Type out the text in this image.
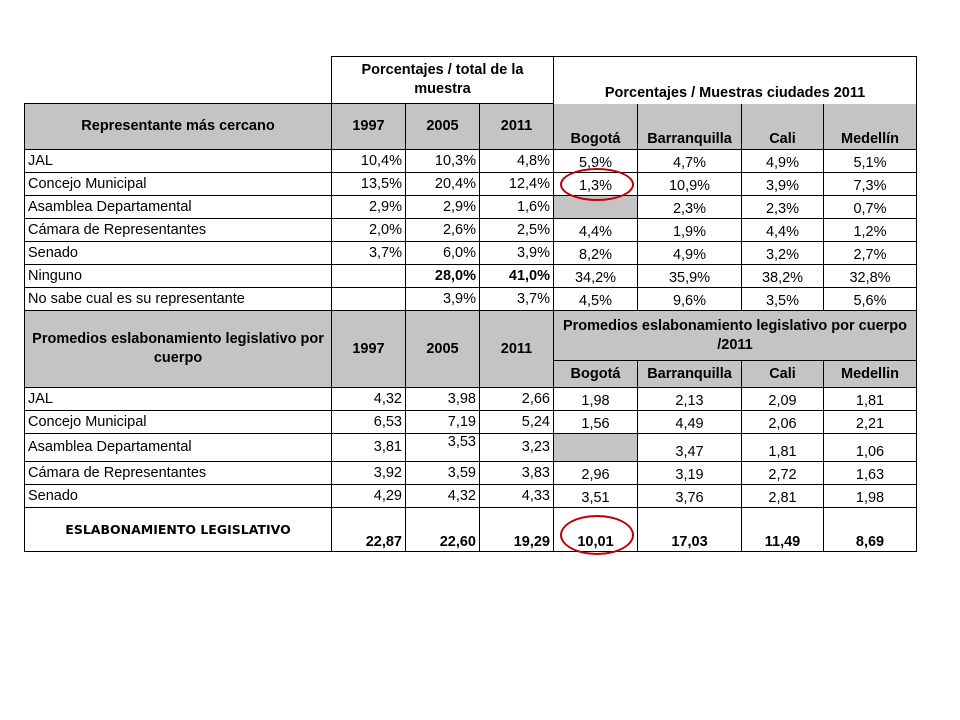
	Porcentajes / total de la muestra			Porcentajes / Muestras ciudades 2011			
Representante más cercano	1997	2005	2011	Bogotá	Barranquilla	Cali	Medellín
JAL	10,4%	10,3%	4,8%	5,9%	4,7%	4,9%	5,1%
Concejo Municipal	13,5%	20,4%	12,4%	1,3%	10,9%	3,9%	7,3%
Asamblea Departamental	2,9%	2,9%	1,6%		2,3%	2,3%	0,7%
Cámara de Representantes	2,0%	2,6%	2,5%	4,4%	1,9%	4,4%	1,2%
Senado	3,7%	6,0%	3,9%	8,2%	4,9%	3,2%	2,7%
Ninguno		28,0%	41,0%	34,2%	35,9%	38,2%	32,8%
No sabe cual es su representante		3,9%	3,7%	4,5%	9,6%	3,5%	5,6%
Promedios eslabonamiento legislativo por cuerpo	1997	2005	2011	Promedios eslabonamiento legislativo por cuerpo /2011			
				Bogotá	Barranquilla	Cali	Medellin
JAL	4,32	3,98	2,66	1,98	2,13	2,09	1,81
Concejo Municipal	6,53	7,19	5,24	1,56	4,49	2,06	2,21
Asamblea Departamental	3,81	3,53	3,23		3,47	1,81	1,06
Cámara de Representantes	3,92	3,59	3,83	2,96	3,19	2,72	1,63
Senado	4,29	4,32	4,33	3,51	3,76	2,81	1,98
ESLABONAMIENTO LEGISLATIVO	22,87	22,60	19,29	10,01	17,03	11,49	8,69
